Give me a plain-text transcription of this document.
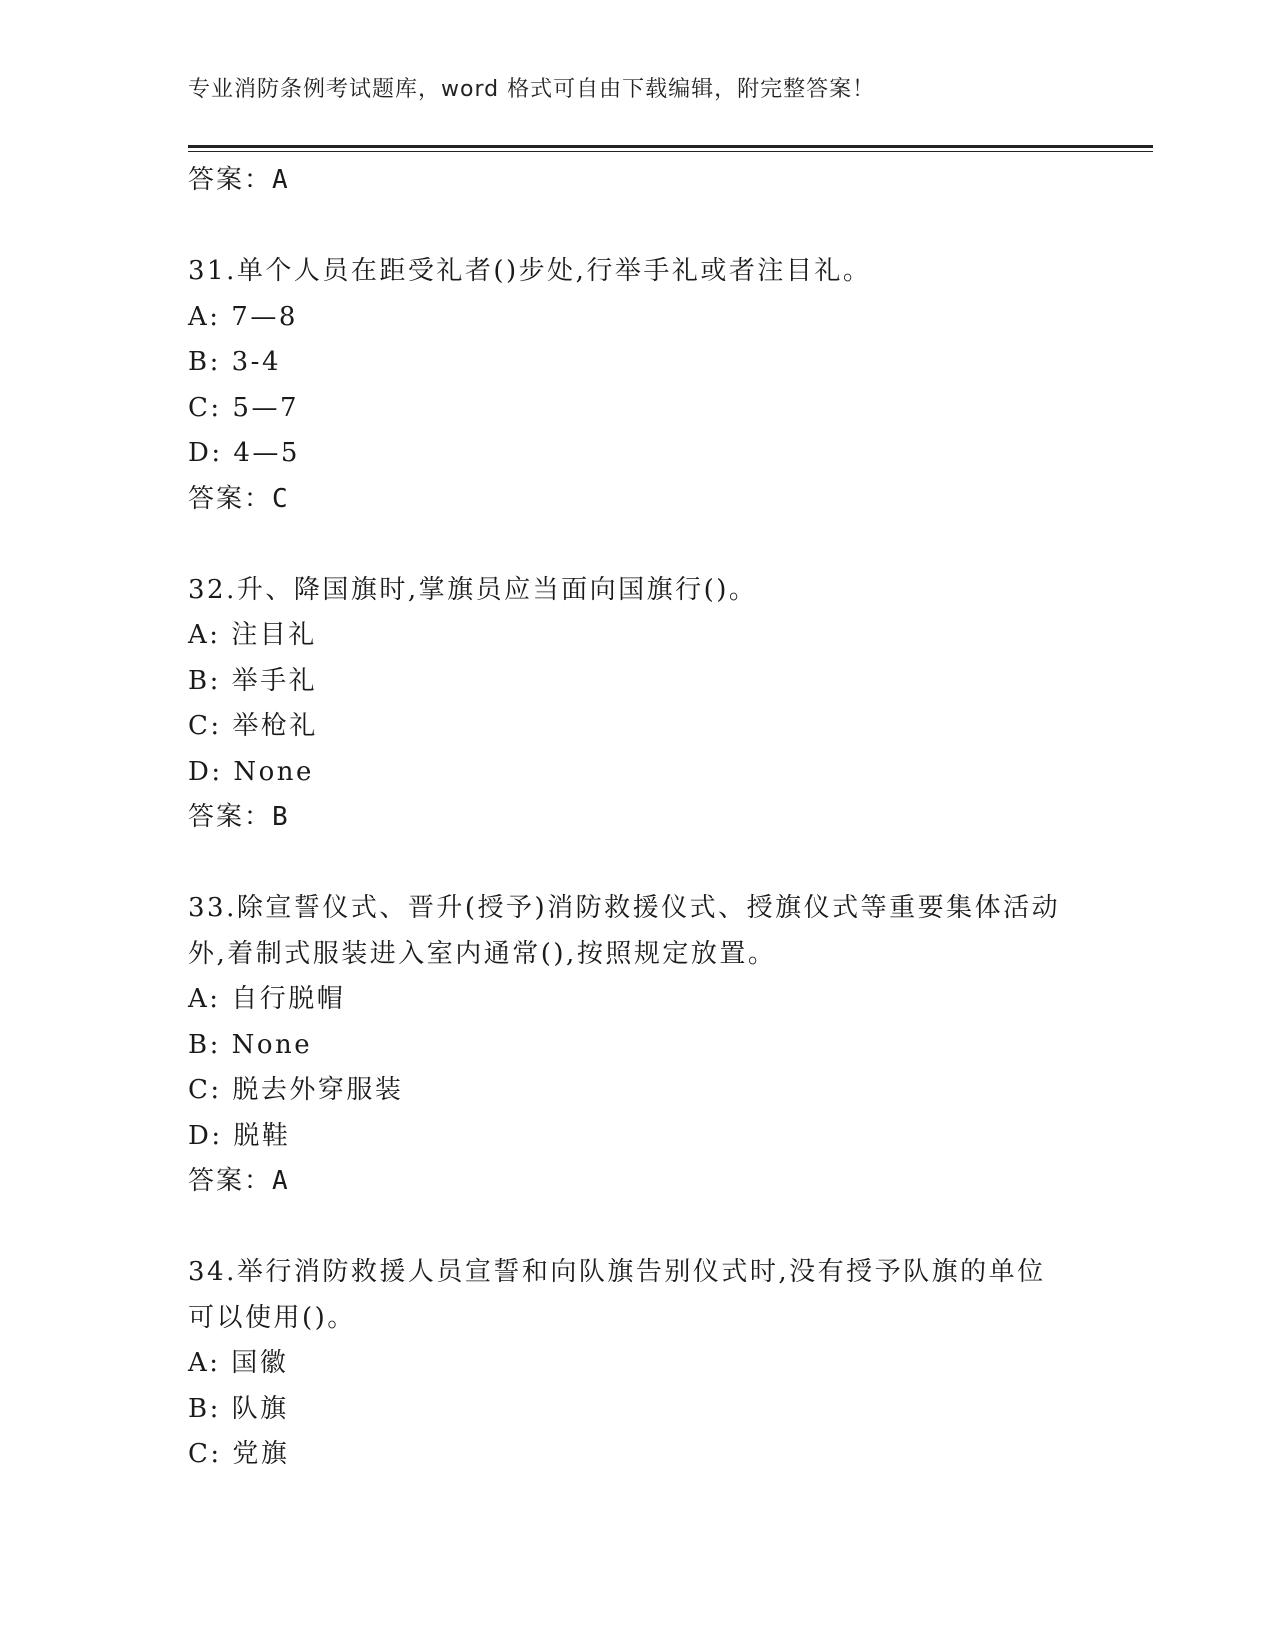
专业消防条例考试题库，word 格式可自由下载编辑，附完整答案！
答案：A
31.单个人员在距受礼者()步处,行举手礼或者注目礼。
A: 7—8
B: 3-4
C: 5—7
D: 4—5
答案：C
32.升、降国旗时,掌旗员应当面向国旗行()。
A: 注目礼
B: 举手礼
C: 举枪礼
D: None
答案：B
33.除宣誓仪式、晋升(授予)消防救援仪式、授旗仪式等重要集体活动
外,着制式服装进入室内通常(),按照规定放置。
A: 自行脱帽
B: None
C: 脱去外穿服装
D: 脱鞋
答案：A
34.举行消防救援人员宣誓和向队旗告别仪式时,没有授予队旗的单位
可以使用()。
A: 国徽
B: 队旗
C: 党旗
